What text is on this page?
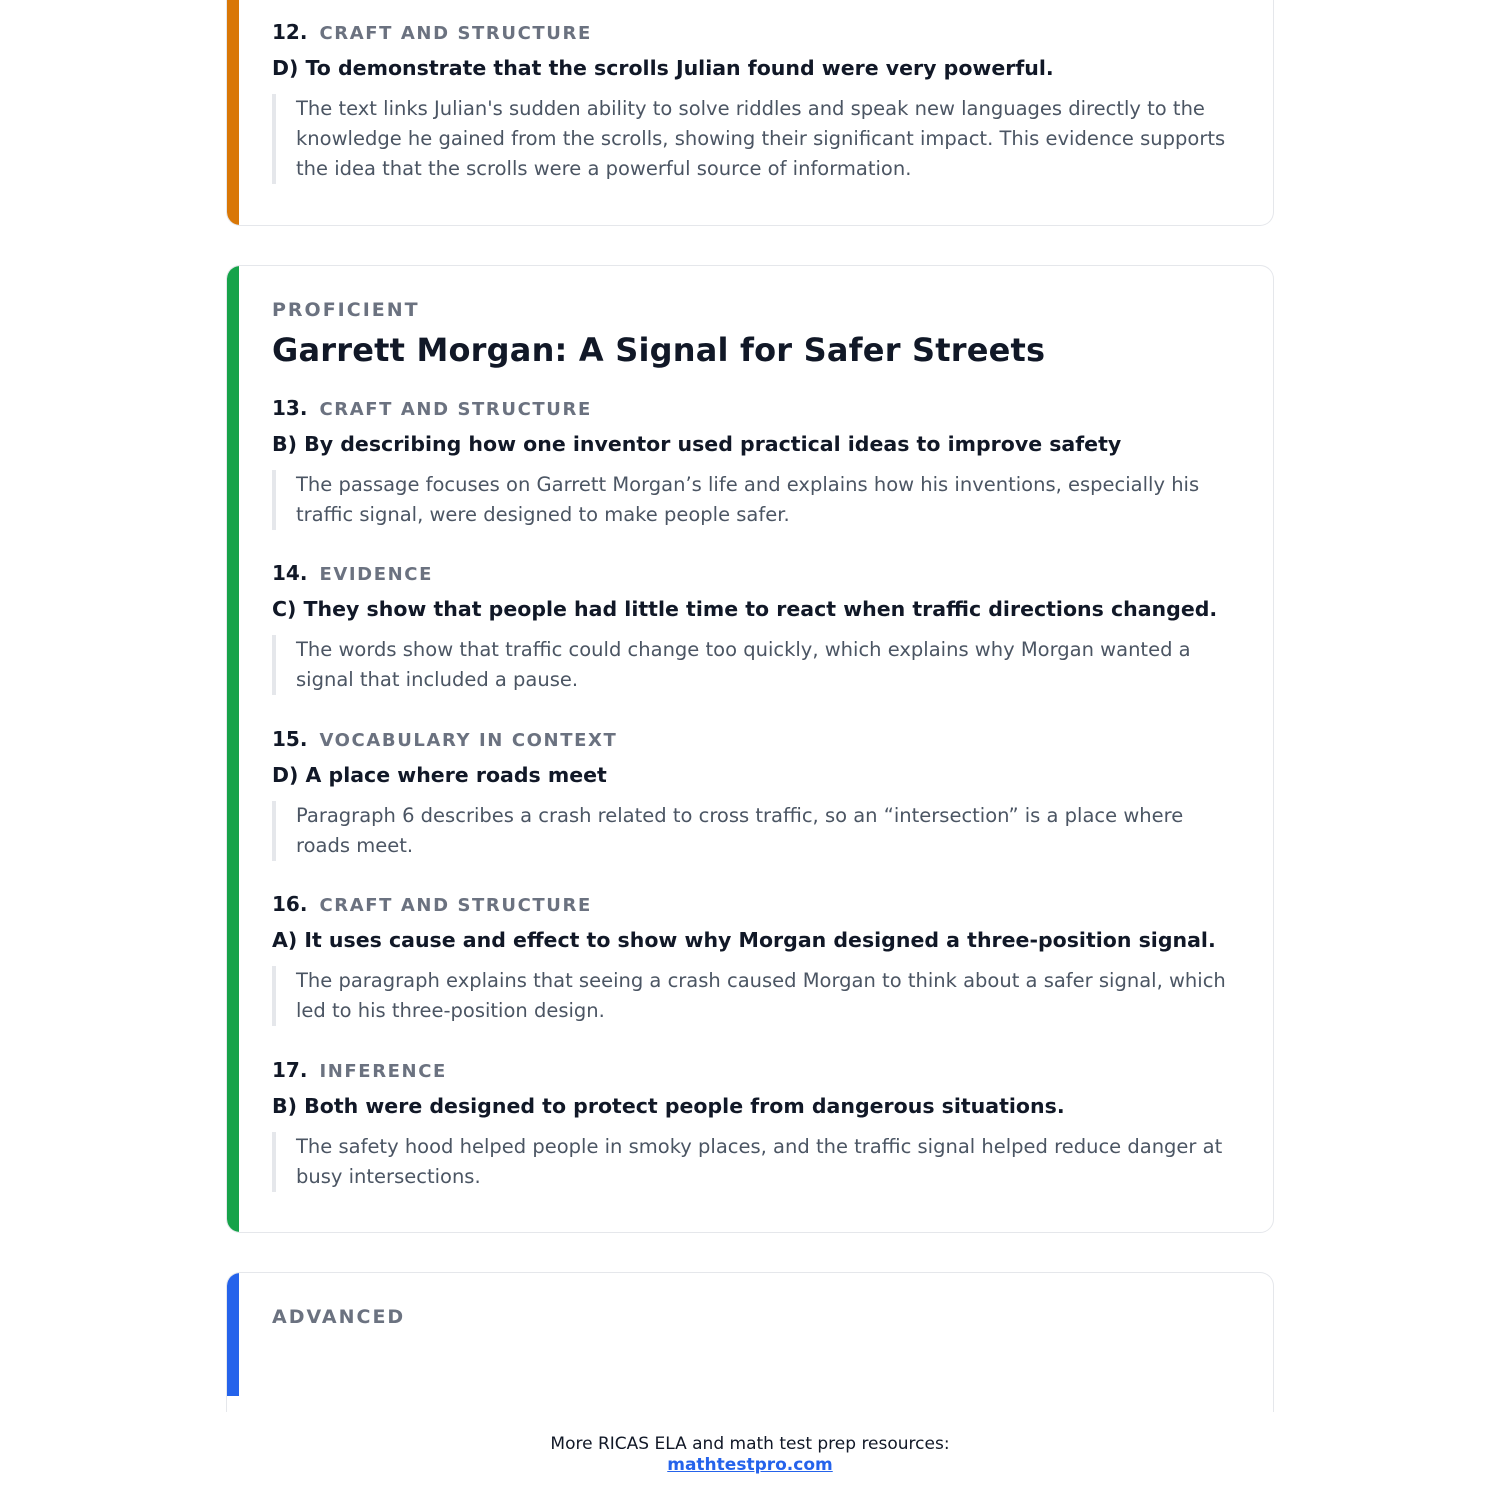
12. CRAFT AND STRUCTURE
D) To demonstrate that the scrolls Julian found were very powerful.
The text links Julian's sudden ability to solve riddles and speak new languages directly to the knowledge he gained from the scrolls, showing their significant impact. This evidence supports the idea that the scrolls were a powerful source of information.
PROFICIENT
Garrett Morgan: A Signal for Safer Streets
13. CRAFT AND STRUCTURE
B) By describing how one inventor used practical ideas to improve safety
The passage focuses on Garrett Morgan’s life and explains how his inventions, especially his traffic signal, were designed to make people safer.
14. EVIDENCE
C) They show that people had little time to react when traffic directions changed.
The words show that traffic could change too quickly, which explains why Morgan wanted a signal that included a pause.
15. VOCABULARY IN CONTEXT
D) A place where roads meet
Paragraph 6 describes a crash related to cross traffic, so an “intersection” is a place where roads meet.
16. CRAFT AND STRUCTURE
A) It uses cause and effect to show why Morgan designed a three-position signal.
The paragraph explains that seeing a crash caused Morgan to think about a safer signal, which led to his three-position design.
17. INFERENCE
B) Both were designed to protect people from dangerous situations.
The safety hood helped people in smoky places, and the traffic signal helped reduce danger at busy intersections.
ADVANCED
More RICAS ELA and math test prep resources:
mathtestpro.com
